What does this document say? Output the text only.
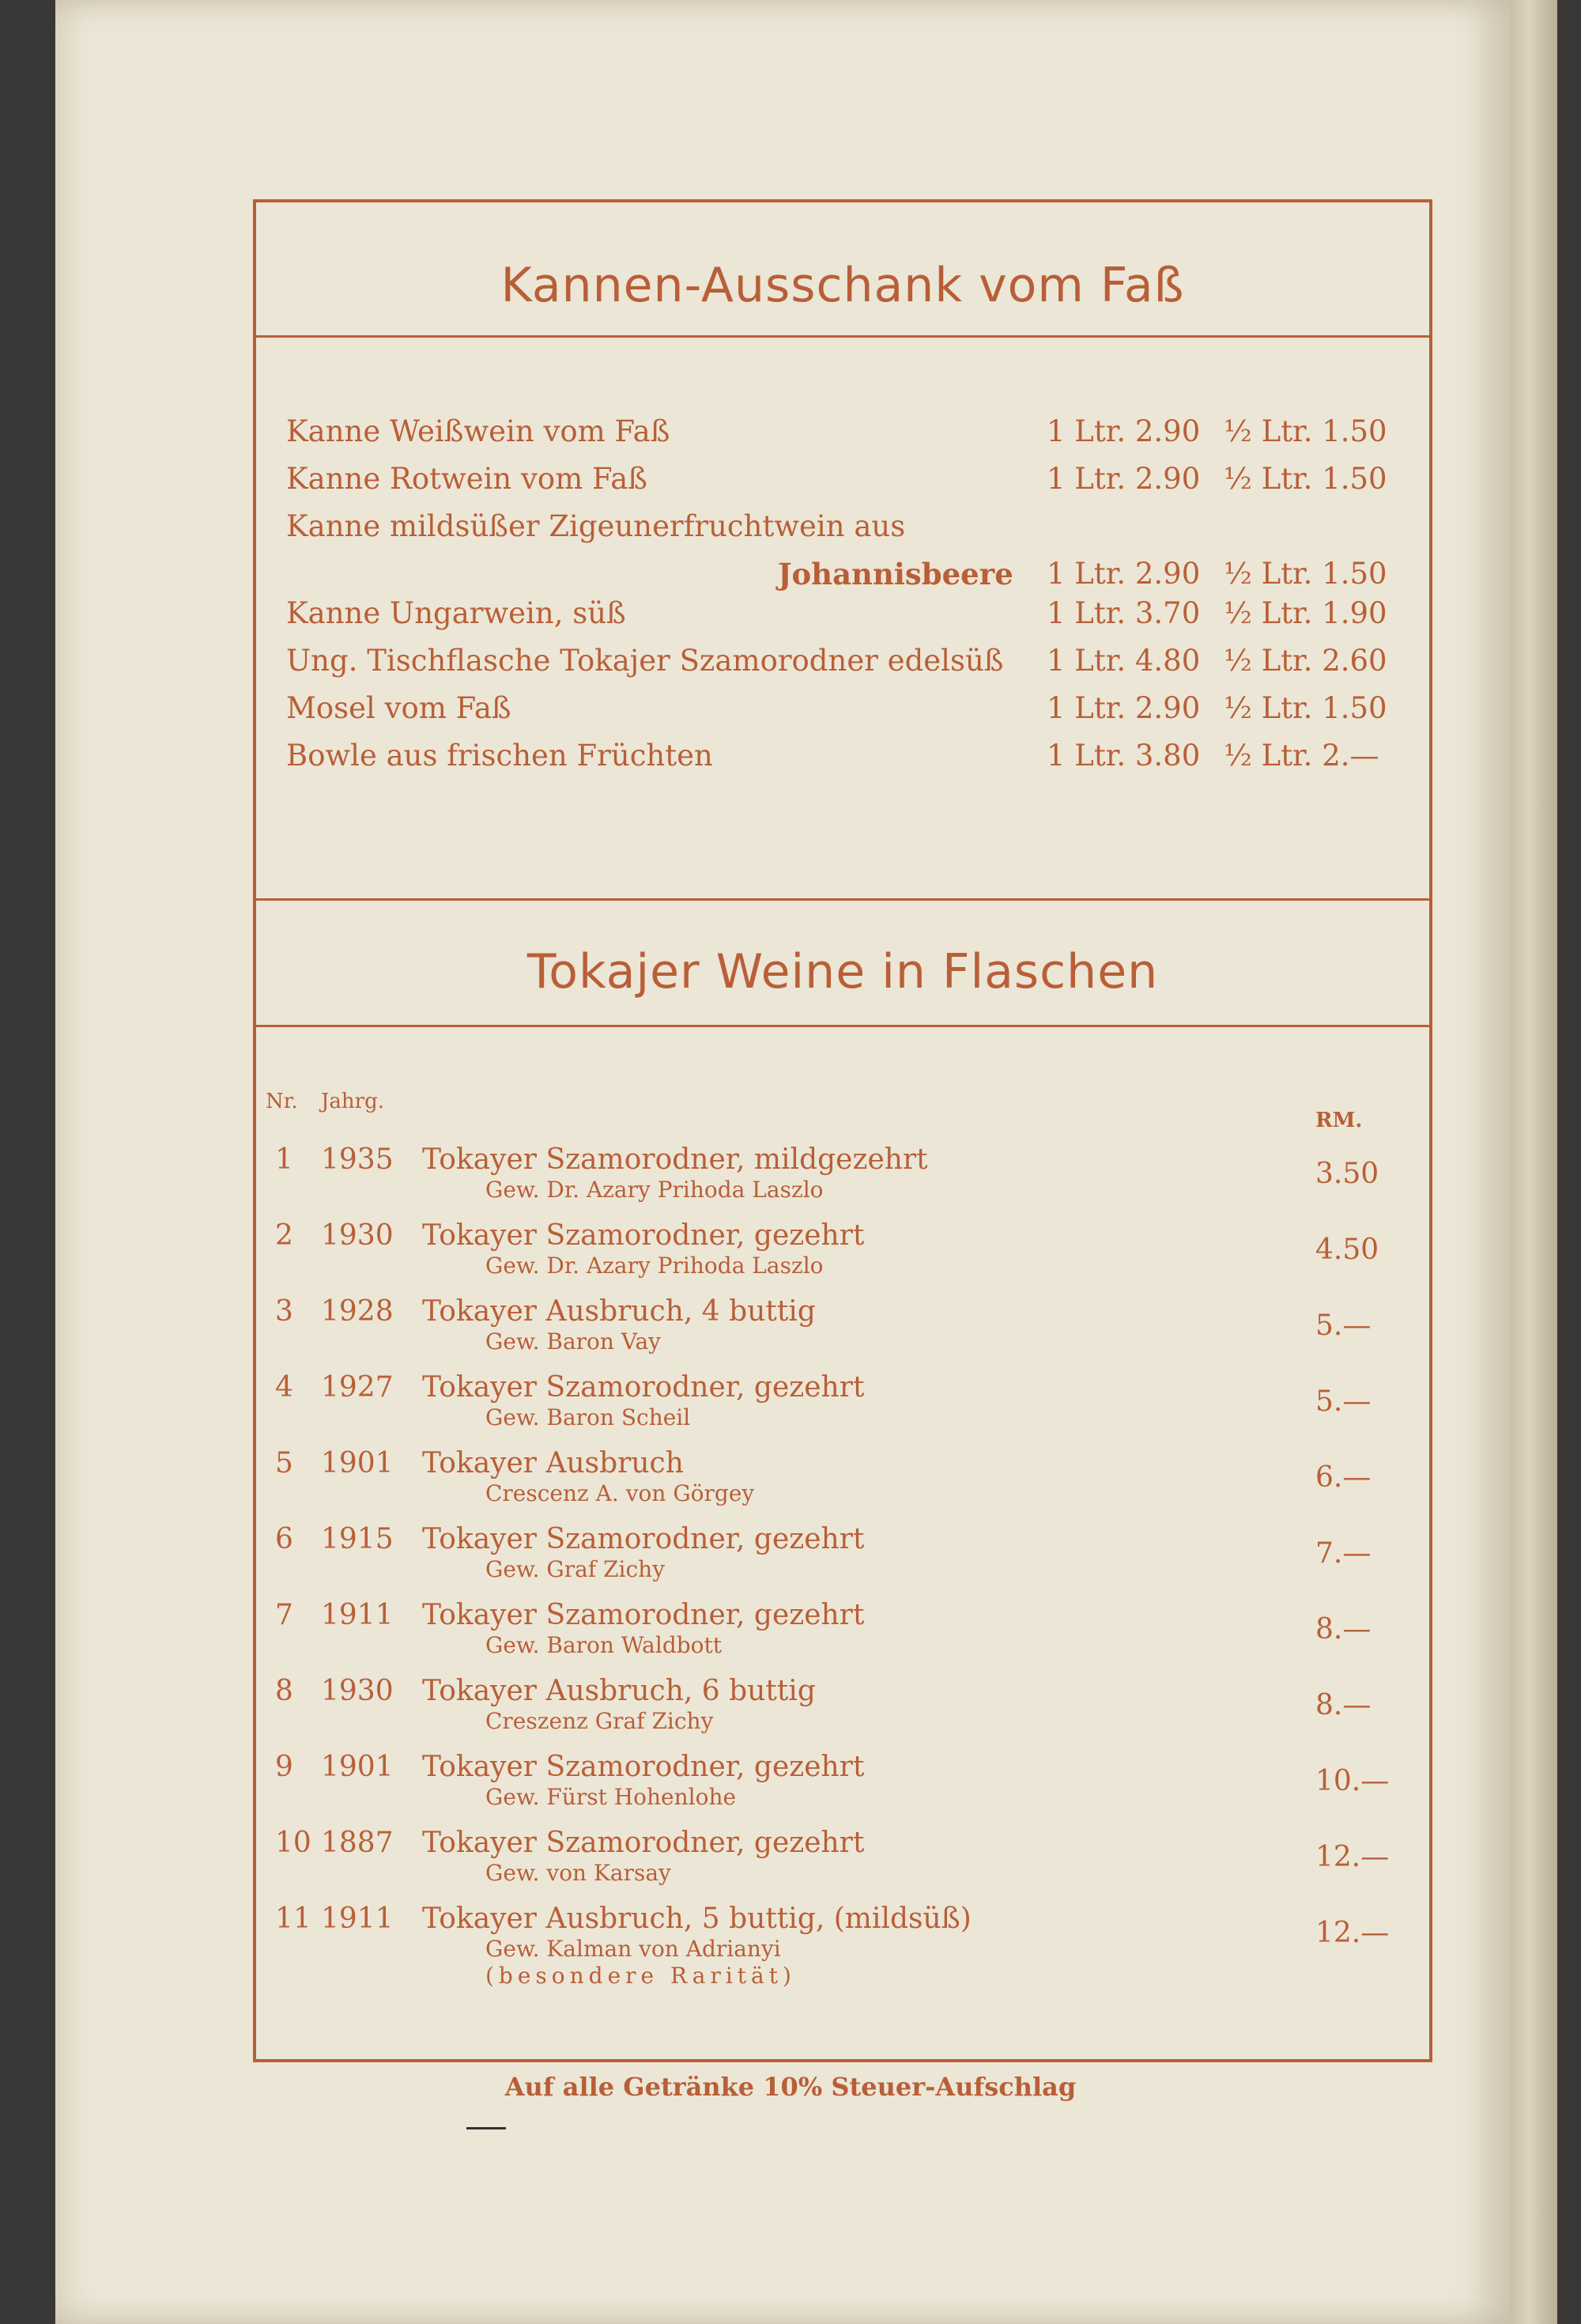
Kannen-Ausschank vom Faß
Kanne Weißwein vom Faß	1 Ltr. 2.90 ½ Ltr. 1.50
Kanne Rotwein vom Faß	1 Ltr. 2.90 ½ Ltr. 1.50
Kanne mildsüßer Zigeunerfruchtwein aus
Johannisbeere 1 Ltr. 2.90 ½ Ltr. 1.50
Kanne Ungarwein, süß	1 Ltr. 3.70 ½ Ltr. 1.90
Ung. Tischflasche Tokajer Szamorodner edelsüß 1 Ltr. 4.80 ½ Ltr. 2.60
Mosel vom Faß	1 Ltr. 2.90 ½ Ltr. 1.50
Bowle aus frischen Früchten	1 Ltr. 3.80 ½ Ltr. 2.—
Tokajer Weine in Flaschen
Nr. Jahrg.
RM.
1 1935 Tokayer Szamorodner, mildgezehrt	3.50
Gew. Dr. Azary Prihoda Laszlo
2 1930 Tokayer Szamorodner, gezehrt	4.50
Gew. Dr. Azary Prihoda Laszlo
3 1928 Tokayer Ausbruch, 4 buttig	5.—
Gew. Baron Vay
4 1927 Tokayer Szamorodner, gezehrt	5.—
Gew. Baron Scheil
5 1901 Tokayer Ausbruch	6.—
Crescenz A. von Görgey
6 1915 Tokayer Szamorodner, gezehrt	7.—
Gew. Graf Zichy
7 1911 Tokayer Szamorodner, gezehrt	8.—
Gew. Baron Waldbott
8 1930 Tokayer Ausbruch, 6 buttig	8.—
Creszenz Graf Zichy
9 1901 Tokayer Szamorodner, gezehrt	10.—
Gew. Fürst Hohenlohe
10 1887 Tokayer Szamorodner, gezehrt	12.—
Gew. von Karsay
11 1911 Tokayer Ausbruch, 5 buttig, (mildsüß)	12.—
Gew. Kalman von Adrianyi
(besondere Rarität)
Auf alle Getränke 10% Steuer-Aufschlag
